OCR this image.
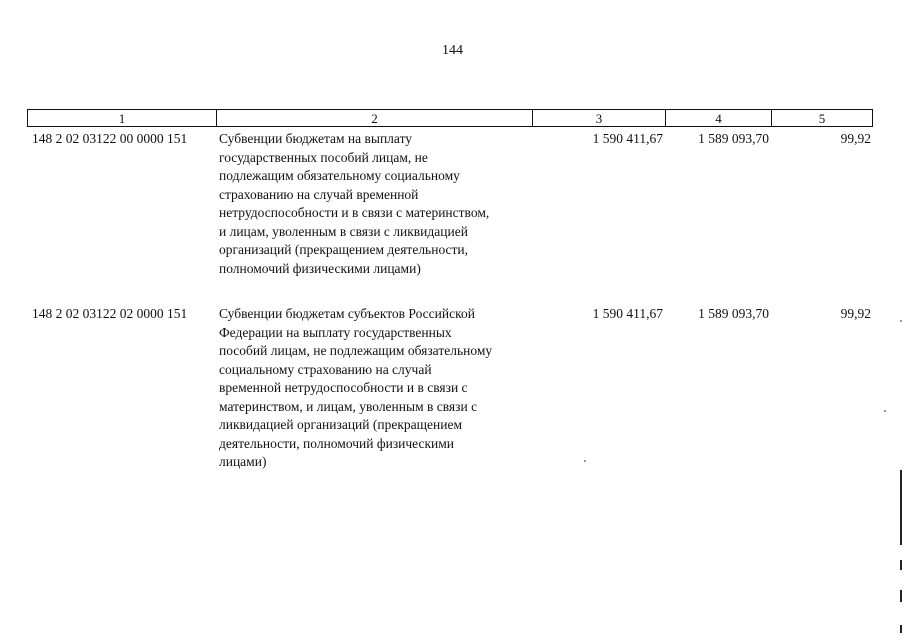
144
1	2	3	4	5
148 2 02 03122 00 0000 151 Субвенции бюджетам на выплату
государственных пособий лицам, не
подлежащим обязательному социальному
страхованию на случай временной
нетрудоспособности и в связи с материнством,
и лицам, уволенным в связи с ликвидацией
организаций (прекращением деятельности,
полномочий физическими лицами)
1 590 411,67	1 589 093,70	99,92
148 2 02 03122 02 0000 151 Субвенции бюджетам субъектов Российской
Федерации на выплату государственных
пособий лицам, не подлежащим обязательному
социальному страхованию на случай
временной нетрудоспособности и в связи с
материнством, и лицам, уволенным в связи с
ликвидацией организаций (прекращением
деятельности, полномочий физическими
лицами)
1 590 411,67	1 589 093,70	99,92
